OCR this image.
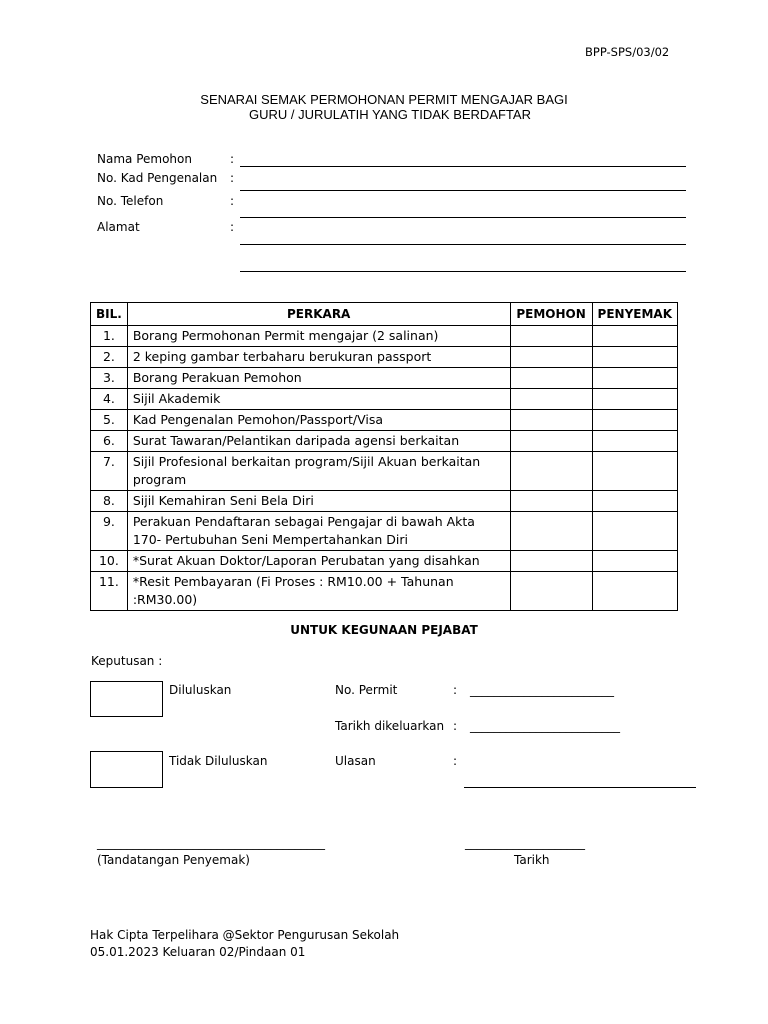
BPP-SPS/03/02
SENARAI SEMAK PERMOHONAN PERMIT MENGAJAR BAGI
GURU / JURULATIH YANG TIDAK BERDAFTAR
Nama Pemohon	:
No. Kad Pengenalan :
No. Telefon	:
Alamat	:
BIL.	PERKARA	PEMOHON	PENYEMAK
1.	Borang Permohonan Permit mengajar (2 salinan)		
2.	2 keping gambar terbaharu berukuran passport		
3.	Borang Perakuan Pemohon		
4.	Sijil Akademik		
5.	Kad Pengenalan Pemohon/Passport/Visa		
6.	Surat Tawaran/Pelantikan daripada agensi berkaitan		
7.	Sijil Profesional berkaitan program/Sijil Akuan berkaitan program		
8.	Sijil Kemahiran Seni Bela Diri		
9.	Perakuan Pendaftaran sebagai Pengajar di bawah Akta 170- Pertubuhan Seni Mempertahankan Diri		
10.	*Surat Akuan Doktor/Laporan Perubatan yang disahkan		
11.	*Resit Pembayaran (Fi Proses : RM10.00 + Tahunan :RM30.00)		
UNTUK KEGUNAAN PEJABAT
Keputusan :
Diluluskan
Tidak Diluluskan
No. Permit	: ________________________
Tarikh dikeluarkan : _________________________
Ulasan	:
______________________________________
(Tandatangan Penyemak)
____________________
Tarikh
Hak Cipta Terpelihara @Sektor Pengurusan Sekolah
05.01.2023 Keluaran 02/Pindaan 01
